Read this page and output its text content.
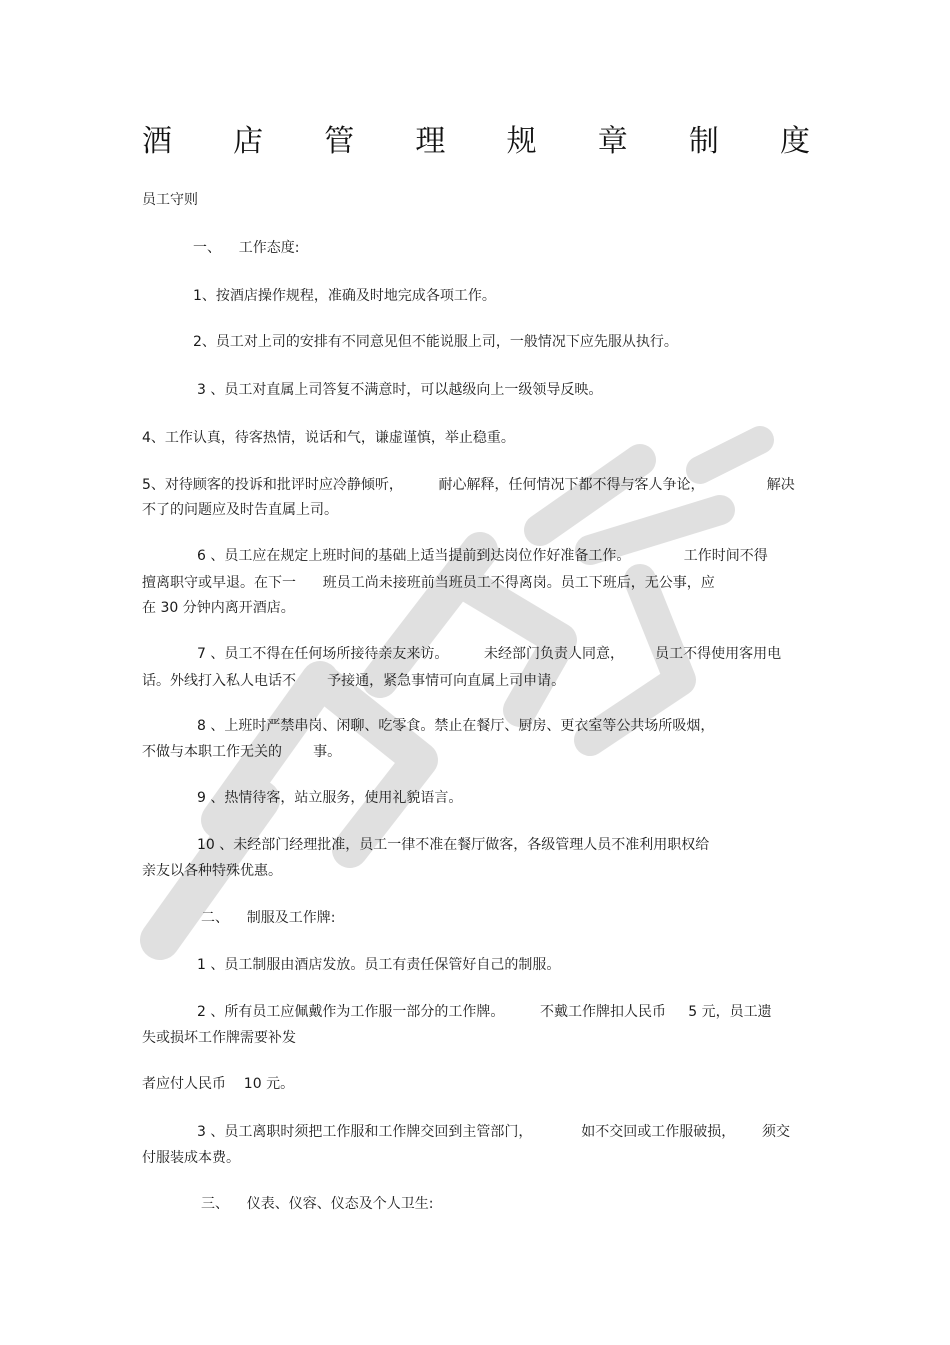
酒 店 管 理 规 章 制 度
员工守则
一、    工作态度:
1、按酒店操作规程，准确及时地完成各项工作。
2、员工对上司的安排有不同意见但不能说服上司，一般情况下应先服从执行。
3 、员工对直属上司答复不满意时，可以越级向上一级领导反映。
4、工作认真，待客热情，说话和气，谦虚谨慎，举止稳重。
5、对待顾客的投诉和批评时应冷静倾听，        耐心解释，任何情况下都不得与客人争论，              解决
不了的问题应及时告直属上司。
6 、员工应在规定上班时间的基础上适当提前到达岗位作好准备工作。            工作时间不得
擅离职守或早退。在下一      班员工尚未接班前当班员工不得离岗。员工下班后，无公事，应
在 30 分钟内离开酒店。
7 、员工不得在任何场所接待亲友来访。        未经部门负责人同意，       员工不得使用客用电
话。外线打入私人电话不       予接通，紧急事情可向直属上司申请。
8 、上班时严禁串岗、闲聊、吃零食。禁止在餐厅、厨房、更衣室等公共场所吸烟，
不做与本职工作无关的       事。
9 、热情待客，站立服务，使用礼貌语言。
10 、未经部门经理批准，员工一律不准在餐厅做客，各级管理人员不准利用职权给
亲友以各种特殊优惠。
二、    制服及工作牌:
1 、员工制服由酒店发放。员工有责任保管好自己的制服。
2 、所有员工应佩戴作为工作服一部分的工作牌。        不戴工作牌扣人民币     5 元，员工遗
失或损坏工作牌需要补发
者应付人民币    10 元。
3 、员工离职时须把工作服和工作牌交回到主管部门，           如不交回或工作服破损，      须交
付服装成本费。
三、    仪表、仪容、仪态及个人卫生:
